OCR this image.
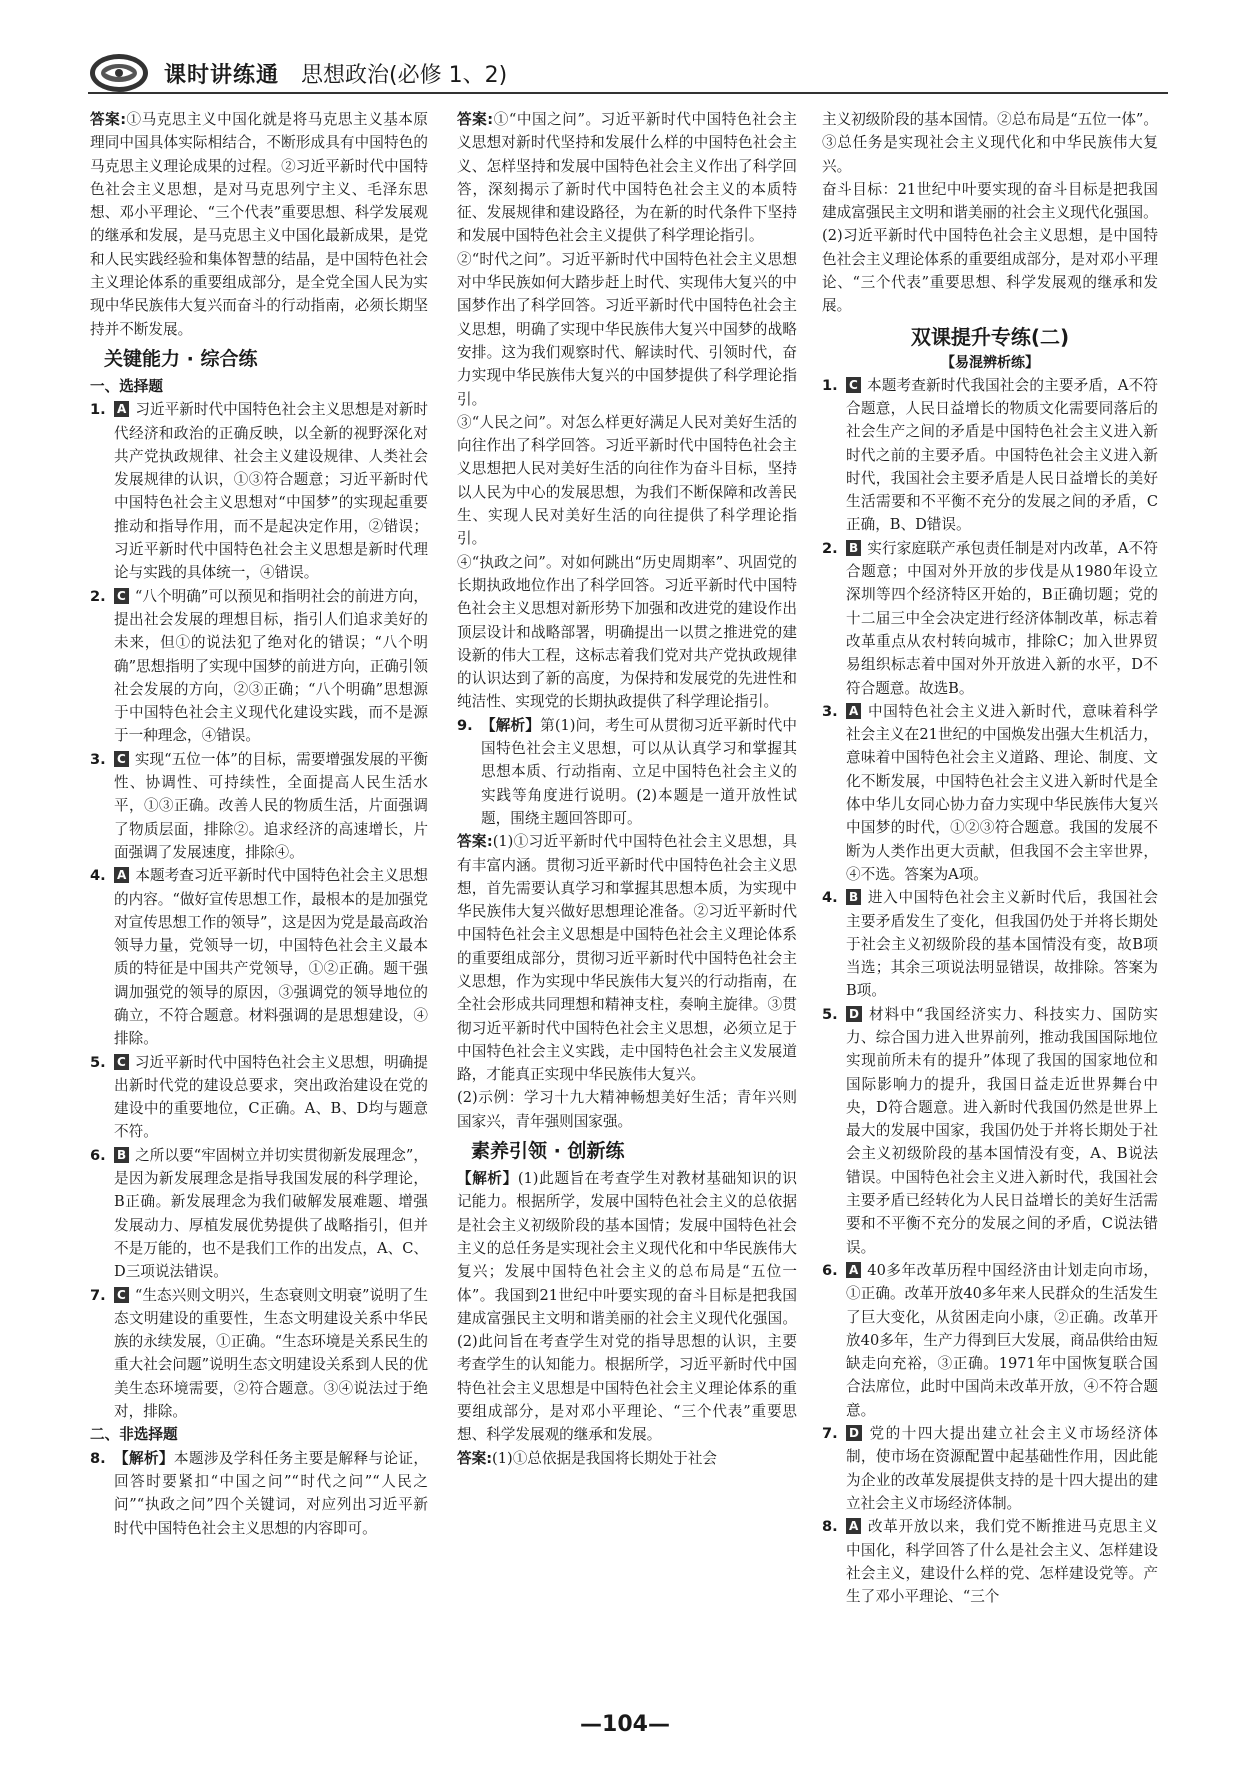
课时讲练通 思想政治(必修 1、2)

答案:①马克思主义中国化就是将马克思主义基本原理同中国具体实际相结合，不断形成具有中国特色的马克思主义理论成果的过程。②习近平新时代中国特色社会主义思想，是对马克思列宁主义、毛泽东思想、邓小平理论、“三个代表”重要思想、科学发展观的继承和发展，是马克思主义中国化最新成果，是党和人民实践经验和集体智慧的结晶，是中国特色社会主义理论体系的重要组成部分，是全党全国人民为实现中华民族伟大复兴而奋斗的行动指南，必须长期坚持并不断发展。

关键能力 · 综合练
一、选择题
1. A 习近平新时代中国特色社会主义思想是对新时代经济和政治的正确反映，以全新的视野深化对共产党执政规律、社会主义建设规律、人类社会发展规律的认识，①③符合题意；习近平新时代中国特色社会主义思想对“中国梦”的实现起重要推动和指导作用，而不是起决定作用，②错误；习近平新时代中国特色社会主义思想是新时代理论与实践的具体统一，④错误。
2. C “八个明确”可以预见和指明社会的前进方向，提出社会发展的理想目标，指引人们追求美好的未来，但①的说法犯了绝对化的错误；“八个明确”思想指明了实现中国梦的前进方向，正确引领社会发展的方向，②③正确；“八个明确”思想源于中国特色社会主义现代化建设实践，而不是源于一种理念，④错误。
3. C 实现“五位一体”的目标，需要增强发展的平衡性、协调性、可持续性，全面提高人民生活水平，①③正确。改善人民的物质生活，片面强调了物质层面，排除②。追求经济的高速增长，片面强调了发展速度，排除④。
4. A 本题考查习近平新时代中国特色社会主义思想的内容。“做好宣传思想工作，最根本的是加强党对宣传思想工作的领导”，这是因为党是最高政治领导力量，党领导一切，中国特色社会主义最本质的特征是中国共产党领导，①②正确。题干强调加强党的领导的原因，③强调党的领导地位的确立，不符合题意。材料强调的是思想建设，④排除。
5. C 习近平新时代中国特色社会主义思想，明确提出新时代党的建设总要求，突出政治建设在党的建设中的重要地位，C正确。A、B、D均与题意不符。
6. B 之所以要“牢固树立并切实贯彻新发展理念”，是因为新发展理念是指导我国发展的科学理论，B正确。新发展理念为我们破解发展难题、增强发展动力、厚植发展优势提供了战略指引，但并不是万能的，也不是我们工作的出发点，A、C、D三项说法错误。
7. C “生态兴则文明兴，生态衰则文明衰”说明了生态文明建设的重要性，生态文明建设关系中华民族的永续发展，①正确。“生态环境是关系民生的重大社会问题”说明生态文明建设关系到人民的优美生态环境需要，②符合题意。③④说法过于绝对，排除。
二、非选择题
8. 【解析】本题涉及学科任务主要是解释与论证，回答时要紧扣“中国之问”“时代之问”“人民之问”“执政之问”四个关键词，对应列出习近平新时代中国特色社会主义思想的内容即可。

答案:①“中国之问”。习近平新时代中国特色社会主义思想对新时代坚持和发展什么样的中国特色社会主义、怎样坚持和发展中国特色社会主义作出了科学回答，深刻揭示了新时代中国特色社会主义的本质特征、发展规律和建设路径，为在新的时代条件下坚持和发展中国特色社会主义提供了科学理论指引。

②“时代之问”。习近平新时代中国特色社会主义思想对中华民族如何大踏步赶上时代、实现伟大复兴的中国梦作出了科学回答。习近平新时代中国特色社会主义思想，明确了实现中华民族伟大复兴中国梦的战略安排。这为我们观察时代、解读时代、引领时代，奋力实现中华民族伟大复兴的中国梦提供了科学理论指引。

③“人民之问”。对怎么样更好满足人民对美好生活的向往作出了科学回答。习近平新时代中国特色社会主义思想把人民对美好生活的向往作为奋斗目标，坚持以人民为中心的发展思想，为我们不断保障和改善民生、实现人民对美好生活的向往提供了科学理论指引。

④“执政之问”。对如何跳出“历史周期率”、巩固党的长期执政地位作出了科学回答。习近平新时代中国特色社会主义思想对新形势下加强和改进党的建设作出顶层设计和战略部署，明确提出一以贯之推进党的建设新的伟大工程，这标志着我们党对共产党执政规律的认识达到了新的高度，为保持和发展党的先进性和纯洁性、实现党的长期执政提供了科学理论指引。

9. 【解析】第(1)问，考生可从贯彻习近平新时代中国特色社会主义思想，可以从认真学习和掌握其思想本质、行动指南、立足中国特色社会主义的实践等角度进行说明。(2)本题是一道开放性试题，围绕主题回答即可。

答案:(1)①习近平新时代中国特色社会主义思想，具有丰富内涵。贯彻习近平新时代中国特色社会主义思想，首先需要认真学习和掌握其思想本质，为实现中华民族伟大复兴做好思想理论准备。②习近平新时代中国特色社会主义思想是中国特色社会主义理论体系的重要组成部分，贯彻习近平新时代中国特色社会主义思想，作为实现中华民族伟大复兴的行动指南，在全社会形成共同理想和精神支柱，奏响主旋律。③贯彻习近平新时代中国特色社会主义思想，必须立足于中国特色社会主义实践，走中国特色社会主义发展道路，才能真正实现中华民族伟大复兴。

(2)示例：学习十九大精神畅想美好生活；青年兴则国家兴，青年强则国家强。

素养引领 · 创新练

【解析】(1)此题旨在考查学生对教材基础知识的识记能力。根据所学，发展中国特色社会主义的总依据是社会主义初级阶段的基本国情；发展中国特色社会主义的总任务是实现社会主义现代化和中华民族伟大复兴；发展中国特色社会主义的总布局是“五位一体”。我国到21世纪中叶要实现的奋斗目标是把我国建成富强民主文明和谐美丽的社会主义现代化强国。(2)此问旨在考查学生对党的指导思想的认识，主要考查学生的认知能力。根据所学，习近平新时代中国特色社会主义思想是中国特色社会主义理论体系的重要组成部分，是对邓小平理论、“三个代表”重要思想、科学发展观的继承和发展。

答案:(1)①总依据是我国将长期处于社会

主义初级阶段的基本国情。②总布局是“五位一体”。③总任务是实现社会主义现代化和中华民族伟大复兴。

奋斗目标：21世纪中叶要实现的奋斗目标是把我国建成富强民主文明和谐美丽的社会主义现代化强国。

(2)习近平新时代中国特色社会主义思想，是中国特色社会主义理论体系的重要组成部分，是对邓小平理论、“三个代表”重要思想、科学发展观的继承和发展。

双课提升专练(二)
【易混辨析练】
1. C 本题考查新时代我国社会的主要矛盾，A不符合题意，人民日益增长的物质文化需要同落后的社会生产之间的矛盾是中国特色社会主义进入新时代之前的主要矛盾。中国特色社会主义进入新时代，我国社会主要矛盾是人民日益增长的美好生活需要和不平衡不充分的发展之间的矛盾，C正确，B、D错误。
2. B 实行家庭联产承包责任制是对内改革，A不符合题意；中国对外开放的步伐是从1980年设立深圳等四个经济特区开始的，B正确切题；党的十二届三中全会决定进行经济体制改革，标志着改革重点从农村转向城市，排除C；加入世界贸易组织标志着中国对外开放进入新的水平，D不符合题意。故选B。
3. A 中国特色社会主义进入新时代，意味着科学社会主义在21世纪的中国焕发出强大生机活力，意味着中国特色社会主义道路、理论、制度、文化不断发展，中国特色社会主义进入新时代是全体中华儿女同心协力奋力实现中华民族伟大复兴中国梦的时代，①②③符合题意。我国的发展不断为人类作出更大贡献，但我国不会主宰世界，④不选。答案为A项。
4. B 进入中国特色社会主义新时代后，我国社会主要矛盾发生了变化，但我国仍处于并将长期处于社会主义初级阶段的基本国情没有变，故B项当选；其余三项说法明显错误，故排除。答案为B项。
5. D 材料中“我国经济实力、科技实力、国防实力、综合国力进入世界前列，推动我国国际地位实现前所未有的提升”体现了我国的国家地位和国际影响力的提升，我国日益走近世界舞台中央，D符合题意。进入新时代我国仍然是世界上最大的发展中国家，我国仍处于并将长期处于社会主义初级阶段的基本国情没有变，A、B说法错误。中国特色社会主义进入新时代，我国社会主要矛盾已经转化为人民日益增长的美好生活需要和不平衡不充分的发展之间的矛盾，C说法错误。
6. A 40多年改革历程中国经济由计划走向市场，①正确。改革开放40多年来人民群众的生活发生了巨大变化，从贫困走向小康，②正确。改革开放40多年，生产力得到巨大发展，商品供给由短缺走向充裕，③正确。1971年中国恢复联合国合法席位，此时中国尚未改革开放，④不符合题意。
7. D 党的十四大提出建立社会主义市场经济体制，使市场在资源配置中起基础性作用，因此能为企业的改革发展提供支持的是十四大提出的建立社会主义市场经济体制。
8. A 改革开放以来，我们党不断推进马克思主义中国化，科学回答了什么是社会主义、怎样建设社会主义，建设什么样的党、怎样建设党等。产生了邓小平理论、“三个
—104—
